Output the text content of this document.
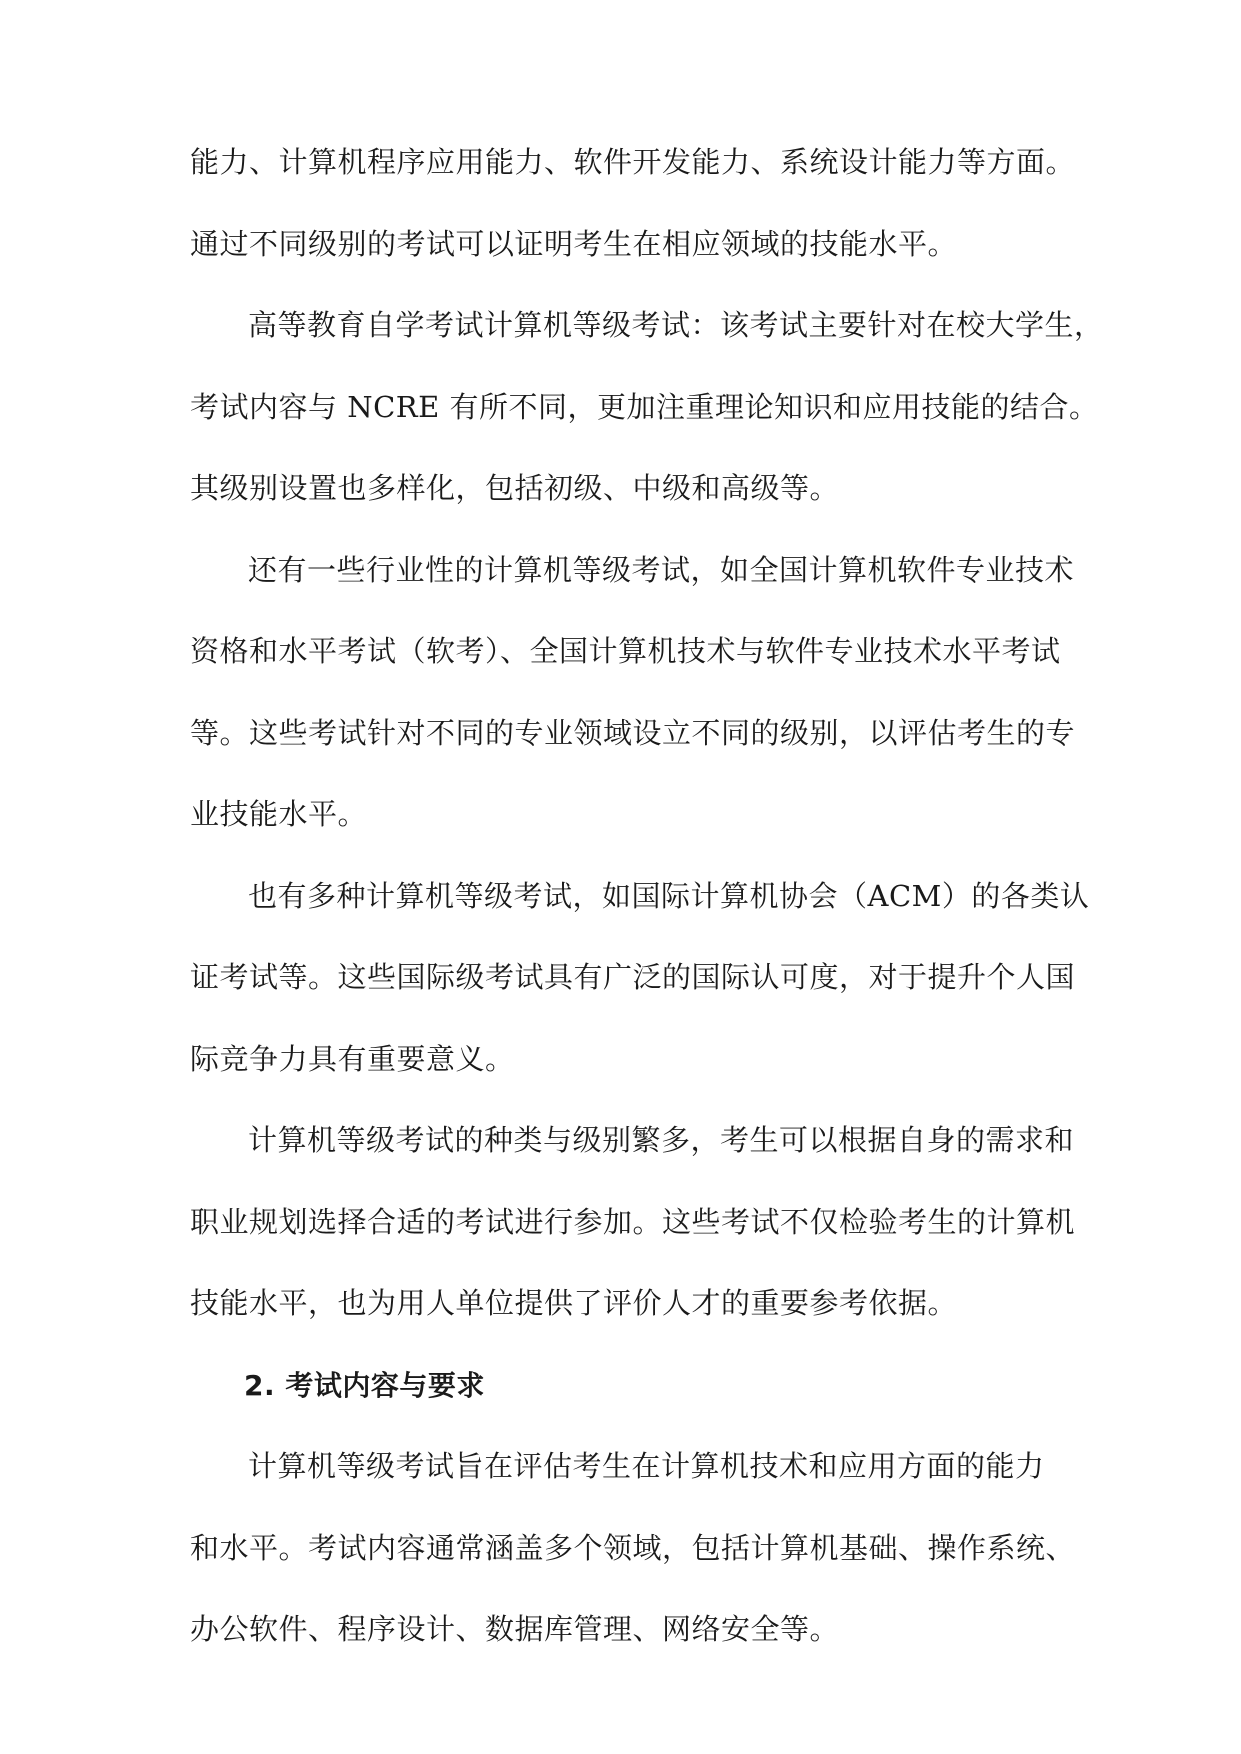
能力、计算机程序应用能力、软件开发能力、系统设计能力等方面。
通过不同级别的考试可以证明考生在相应领域的技能水平。

高等教育自学考试计算机等级考试：该考试主要针对在校大学生，
考试内容与 NCRE 有所不同，更加注重理论知识和应用技能的结合。
其级别设置也多样化，包括初级、中级和高级等。

还有一些行业性的计算机等级考试，如全国计算机软件专业技术
资格和水平考试（软考）、全国计算机技术与软件专业技术水平考试
等。这些考试针对不同的专业领域设立不同的级别，以评估考生的专
业技能水平。

也有多种计算机等级考试，如国际计算机协会（ACM）的各类认
证考试等。这些国际级考试具有广泛的国际认可度，对于提升个人国
际竞争力具有重要意义。

计算机等级考试的种类与级别繁多，考生可以根据自身的需求和
职业规划选择合适的考试进行参加。这些考试不仅检验考生的计算机
技能水平，也为用人单位提供了评价人才的重要参考依据。

2. 考试内容与要求

计算机等级考试旨在评估考生在计算机技术和应用方面的能力
和水平。考试内容通常涵盖多个领域，包括计算机基础、操作系统、
办公软件、程序设计、数据库管理、网络安全等。
